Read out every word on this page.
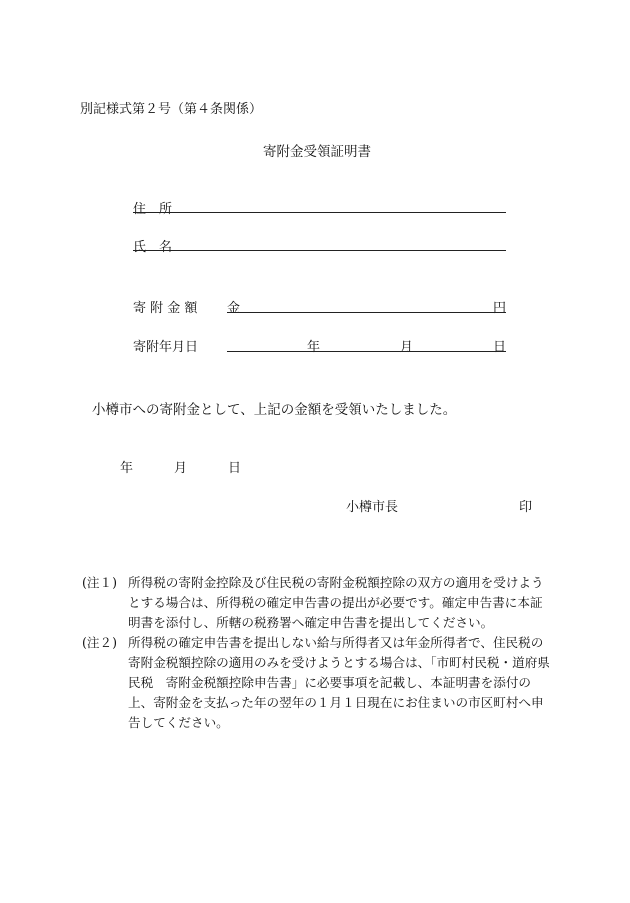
別記様式第２号（第４条関係）
寄附金受領証明書
住　所
氏　名
寄 附 金 額 金	円
寄附年月日	年	月	日
小樽市への寄附金として、上記の金額を受領いたしました。
年	月	日
小樽市長	印
(注１) 所得税の寄附金控除及び住民税の寄附金税額控除の双方の適用を受けようとする場合は、所得税の確定申告書の提出が必要です。確定申告書に本証明書を添付し、所轄の税務署へ確定申告書を提出してください。
(注２) 所得税の確定申告書を提出しない給与所得者又は年金所得者で、住民税の寄附金税額控除の適用のみを受けようとする場合は、「市町村民税・道府県民税　寄附金税額控除申告書」に必要事項を記載し、本証明書を添付の上、寄附金を支払った年の翌年の１月１日現在にお住まいの市区町村へ申告してください。
